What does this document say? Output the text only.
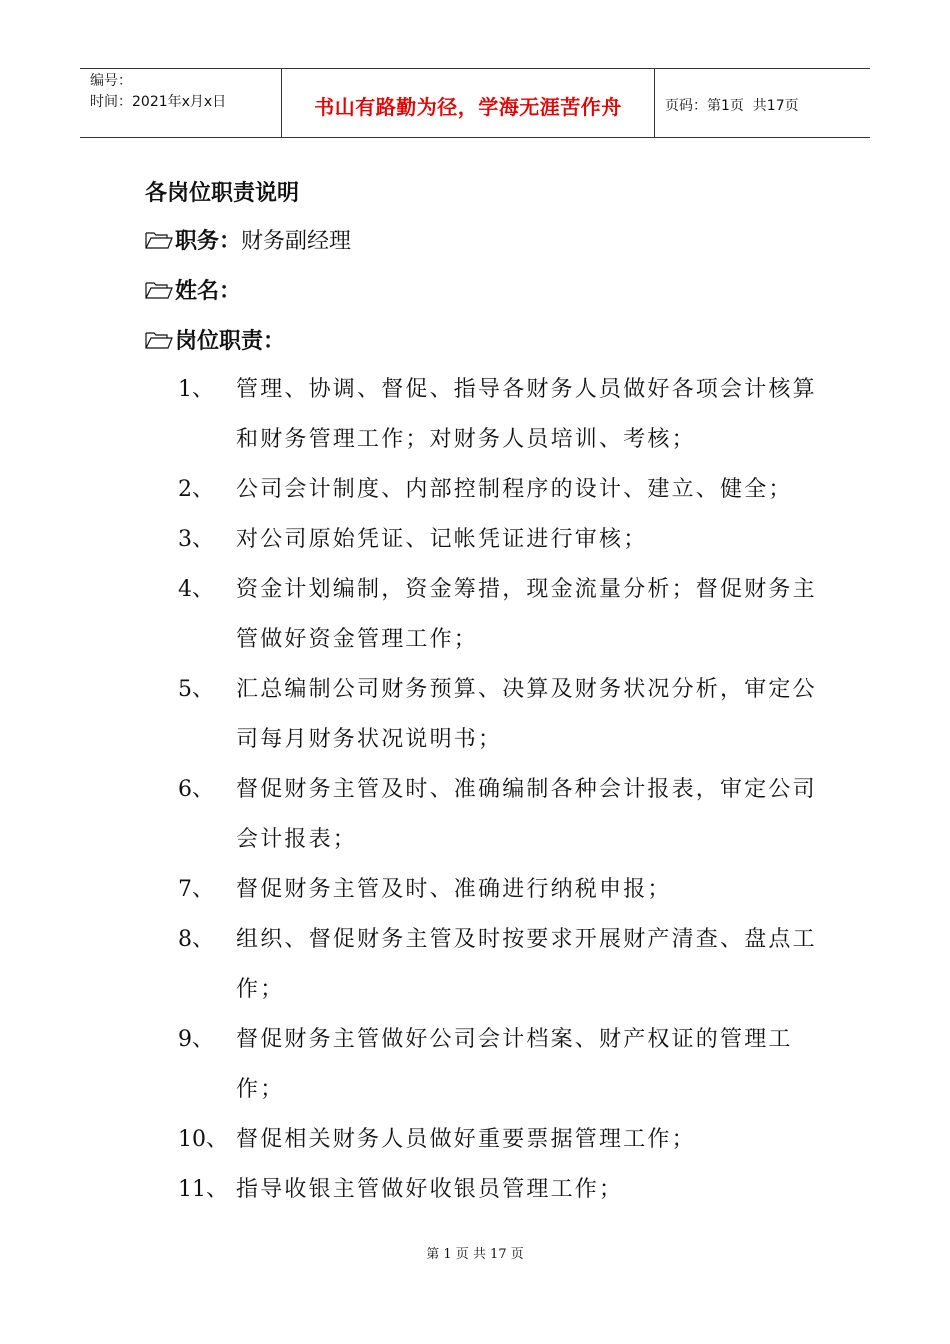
编号：
时间：2021年x月x日	书山有路勤为径，学海无涯苦作舟	页码：第1页  共17页
各岗位职责说明
职务： 财务副经理
姓名：
岗位职责：
1、	管理、协调、督促、指导各财务人员做好各项会计核算和财务管理工作；对财务人员培训、考核；
2、	公司会计制度、内部控制程序的设计、建立、健全；
3、	对公司原始凭证、记帐凭证进行审核；
4、	资金计划编制，资金筹措，现金流量分析；督促财务主管做好资金管理工作；
5、	汇总编制公司财务预算、决算及财务状况分析，审定公司每月财务状况说明书；
6、	督促财务主管及时、准确编制各种会计报表，审定公司会计报表；
7、	督促财务主管及时、准确进行纳税申报；
8、	组织、督促财务主管及时按要求开展财产清查、盘点工作；
9、	督促财务主管做好公司会计档案、财产权证的管理工作；
10、 督促相关财务人员做好重要票据管理工作；
11、 指导收银主管做好收银员管理工作；
第 1 页 共 17 页
